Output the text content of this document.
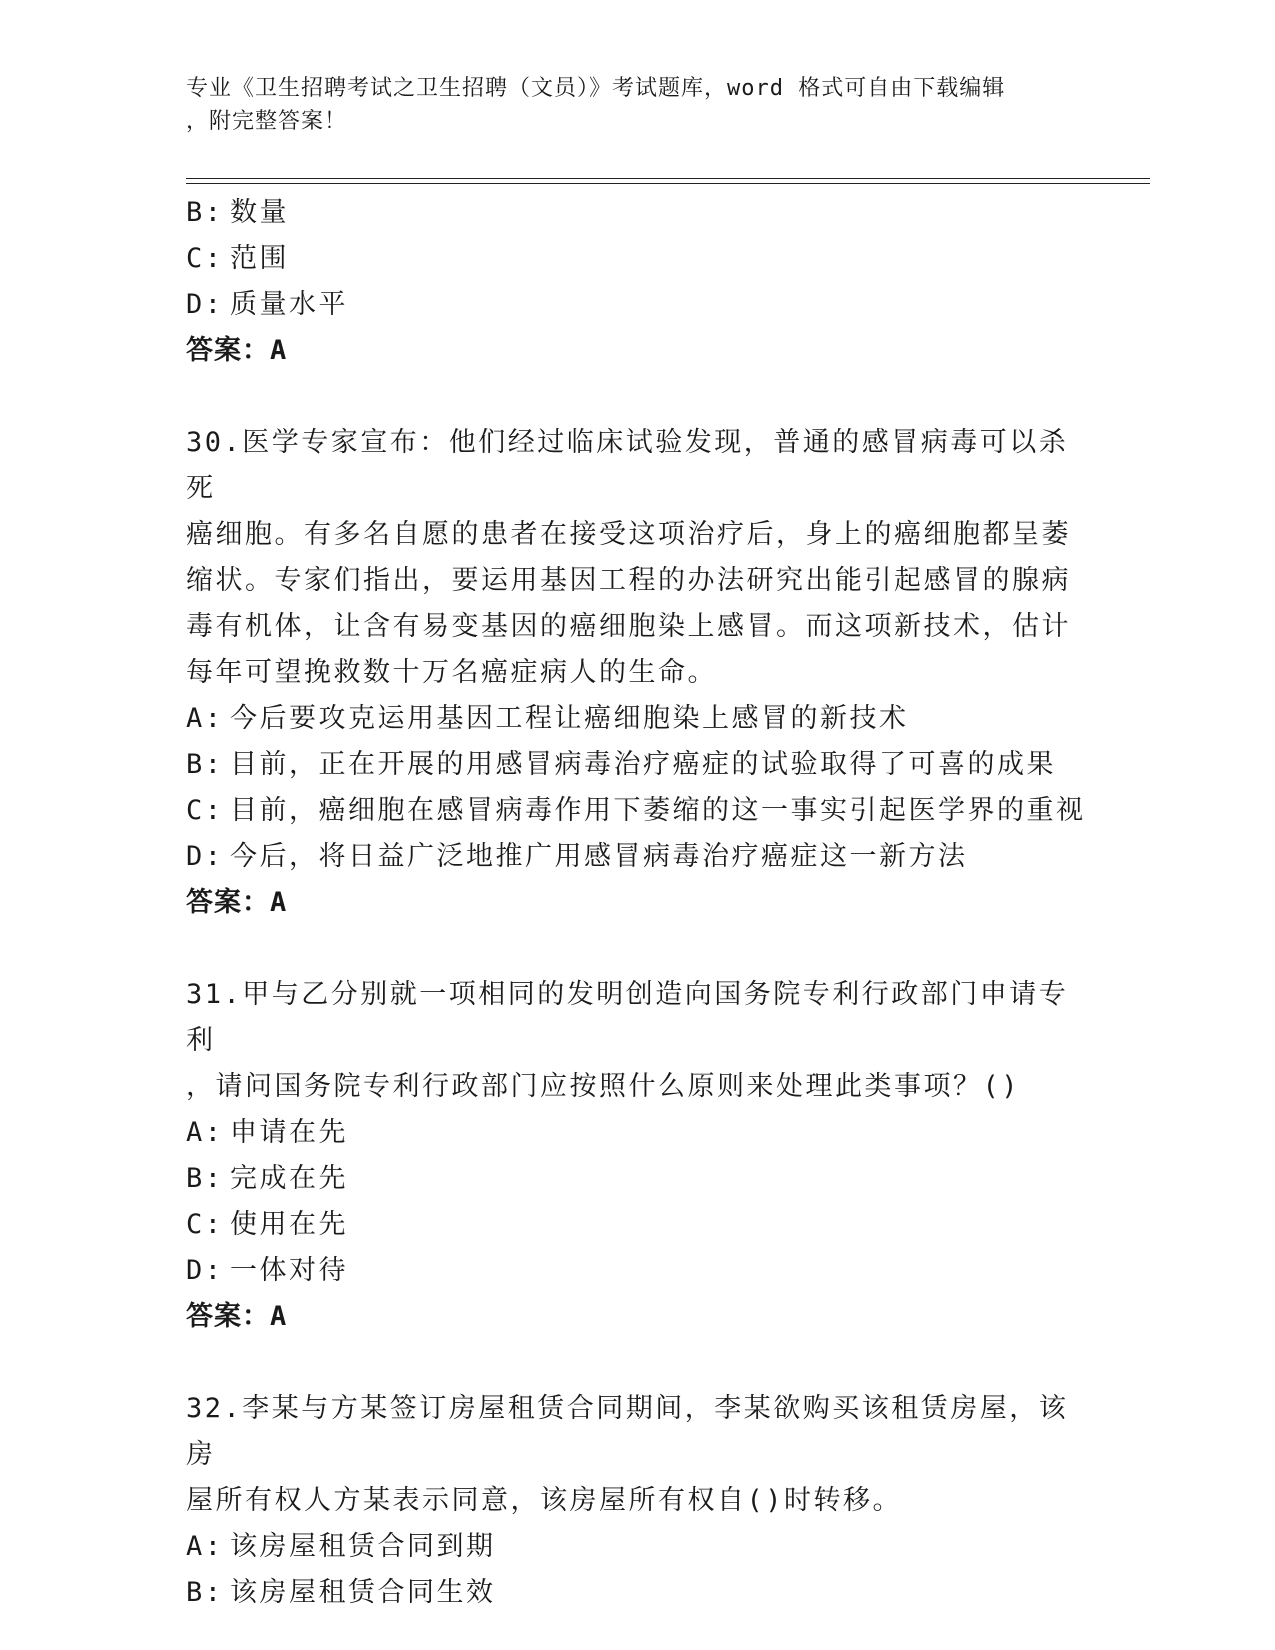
专业《卫生招聘考试之卫生招聘（文员）》考试题库，word 格式可自由下载编辑
，附完整答案！
B: 数量
C: 范围
D: 质量水平
答案：A
30.医学专家宣布：他们经过临床试验发现，普通的感冒病毒可以杀死
癌细胞。有多名自愿的患者在接受这项治疗后，身上的癌细胞都呈萎
缩状。专家们指出，要运用基因工程的办法研究出能引起感冒的腺病
毒有机体，让含有易变基因的癌细胞染上感冒。而这项新技术，估计
每年可望挽救数十万名癌症病人的生命。
A: 今后要攻克运用基因工程让癌细胞染上感冒的新技术
B: 目前，正在开展的用感冒病毒治疗癌症的试验取得了可喜的成果
C: 目前，癌细胞在感冒病毒作用下萎缩的这一事实引起医学界的重视
D: 今后，将日益广泛地推广用感冒病毒治疗癌症这一新方法
答案：A
31.甲与乙分别就一项相同的发明创造向国务院专利行政部门申请专利
，请问国务院专利行政部门应按照什么原则来处理此类事项？()
A: 申请在先
B: 完成在先
C: 使用在先
D: 一体对待
答案：A
32.李某与方某签订房屋租赁合同期间，李某欲购买该租赁房屋，该房
屋所有权人方某表示同意，该房屋所有权自()时转移。
A: 该房屋租赁合同到期
B: 该房屋租赁合同生效
